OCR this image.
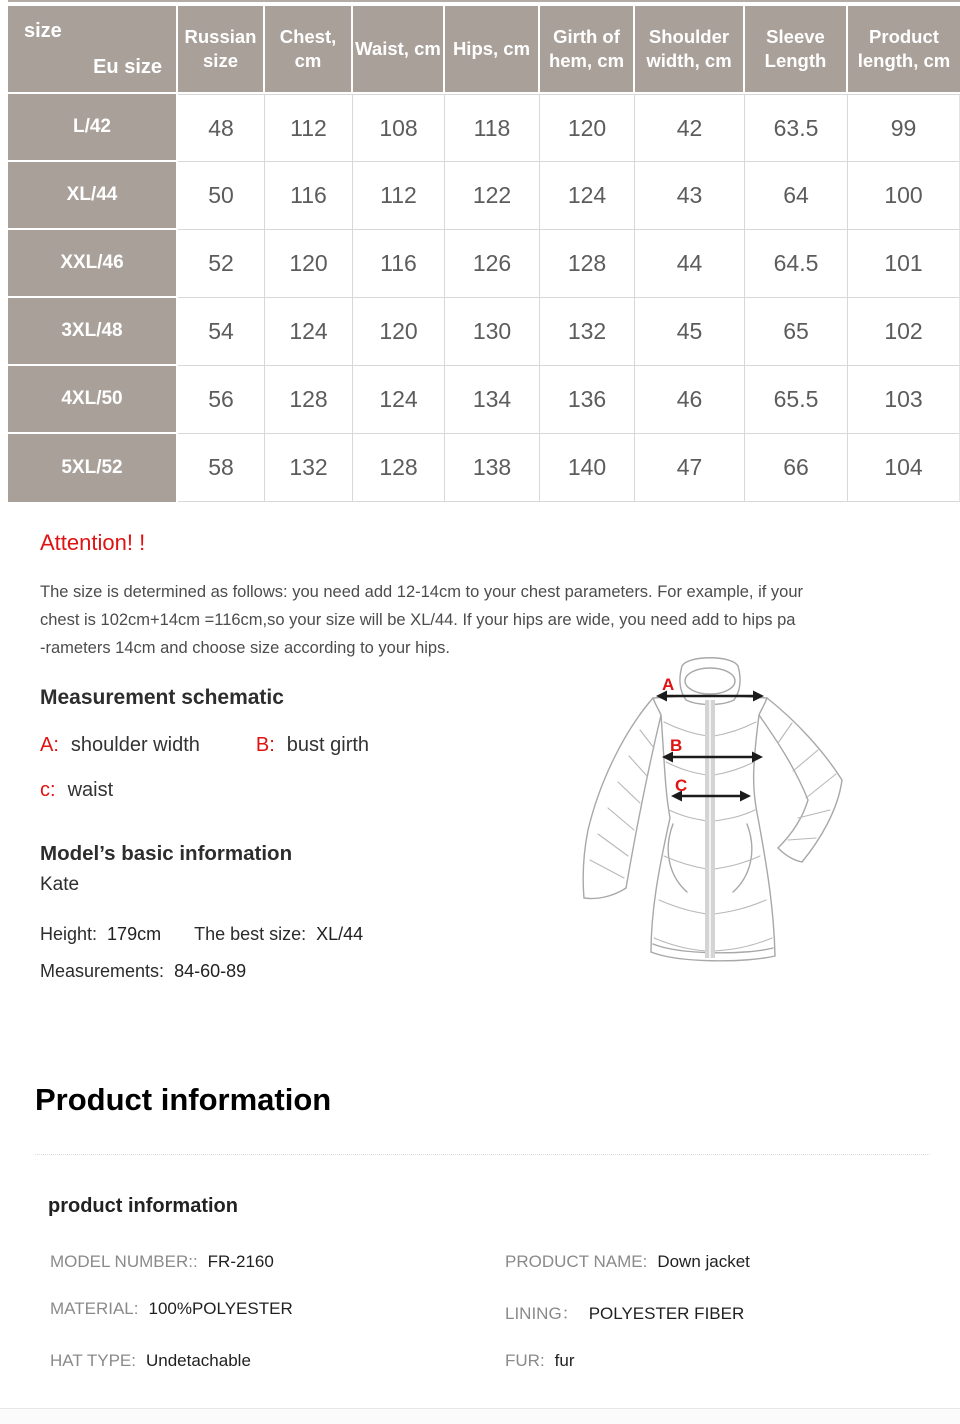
size
Eu size	Russian size	Chest, cm	Waist, cm	Hips, cm	Girth of hem, cm	Shoulder width, cm	Sleeve Length	Product length, cm
L/42	48	112	108	118	120	42	63.5	99
XL/44	50	116	112	122	124	43	64	100
XXL/46	52	120	116	126	128	44	64.5	101
3XL/48	54	124	120	130	132	45	65	102
4XL/50	56	128	124	134	136	46	65.5	103
5XL/52	58	132	128	138	140	47	66	104
Attention! !
The size is determined as follows: you need add 12-14cm to your chest parameters. For example, if your
chest is 102cm+14cm =116cm,so your size will be XL/44. If your hips are wide, you need add to hips pa
-rameters 14cm and choose size according to your hips.
Measurement schematic
A: shoulder width	B: bust girth
c: waist
Model’s basic information
Kate
Height: 179cm The best size: XL/44
Measurements: 84-60-89
A
B
C
Product information
product information
MODEL NUMBER:: FR-2160	PRODUCT NAME: Down jacket
MATERIAL: 100%POLYESTER	LINING： POLYESTER FIBER
HAT TYPE: Undetachable	FUR: fur
